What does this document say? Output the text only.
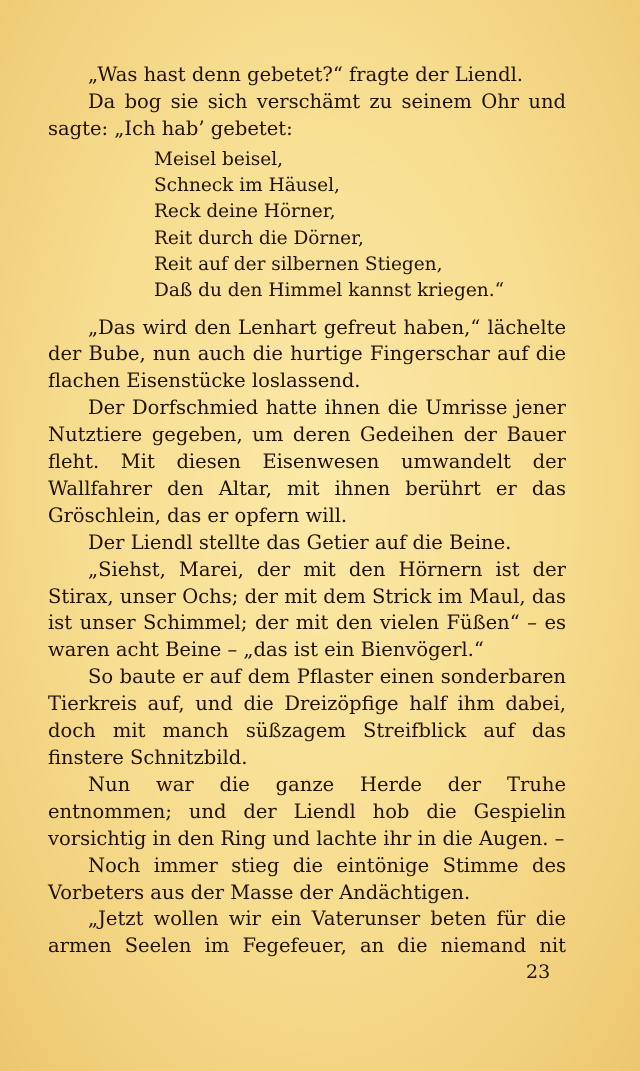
„Was hast denn gebetet?“ fragte der Liendl.

Da bog sie sich verschämt zu seinem Ohr und sagte: „Ich hab’ gebetet:

Meisel beisel,
Schneck im Häusel,
Reck deine Hörner,
Reit durch die Dörner,
Reit auf der silbernen Stiegen,
Daß du den Himmel kannst kriegen.“

„Das wird den Lenhart gefreut haben,“ lächelte der Bube, nun auch die hurtige Fingerschar auf die flachen Eisenstücke loslassend.

Der Dorfschmied hatte ihnen die Umrisse jener Nutztiere gegeben, um deren Gedeihen der Bauer fleht. Mit diesen Eisenwesen umwandelt der Wallfahrer den Altar, mit ihnen berührt er das Gröschlein, das er opfern will.

Der Liendl stellte das Getier auf die Beine.

„Siehst, Marei, der mit den Hörnern ist der Stirax, unser Ochs; der mit dem Strick im Maul, das ist unser Schimmel; der mit den vielen Füßen“ – es waren acht Beine – „das ist ein Bienvögerl.“

So baute er auf dem Pflaster einen sonderbaren Tierkreis auf, und die Dreizöpfige half ihm dabei, doch mit manch süßzagem Streifblick auf das finstere Schnitzbild.

Nun war die ganze Herde der Truhe entnommen; und der Liendl hob die Gespielin vorsichtig in den Ring und lachte ihr in die Augen. –

Noch immer stieg die eintönige Stimme des Vorbeters aus der Masse der Andächtigen.

„Jetzt wollen wir ein Vaterunser beten für die armen Seelen im Fegefeuer, an die niemand nit

23
